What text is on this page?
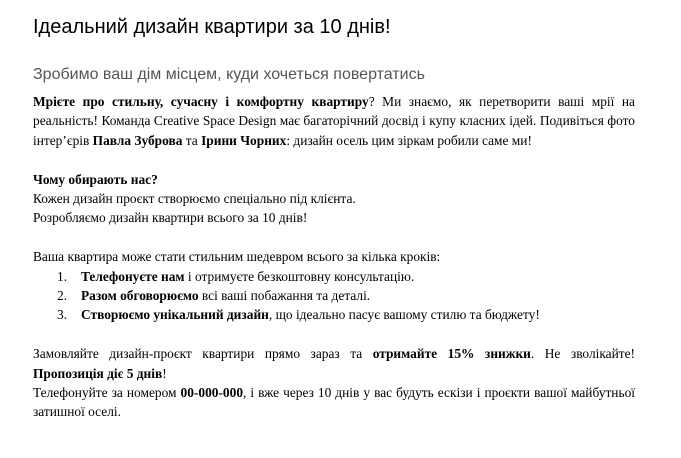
Ідеальний дизайн квартири за 10 днів!
Зробимо ваш дім місцем, куди хочеться повертатись

Мрієте про стильну, сучасну і комфортну квартиру? Ми знаємо, як перетворити ваші мрії на реальність! Команда Creative Space Design має багаторічний досвід і купу класних ідей. Подивіться фото інтер’єрів Павла Зуброва та Ірини Чорних: дизайн осель цим зіркам робили саме ми!

Чому обирають нас?

Кожен дизайн проєкт створюємо спеціально під клієнта.

Розробляємо дизайн квартири всього за 10 днів!

Ваша квартира може стати стильним шедевром всього за кілька кроків:

1. Телефонуєте нам і отримуєте безкоштовну консультацію.
2. Разом обговорюємо всі ваші побажання та деталі.
3. Створюємо унікальний дизайн, що ідеально пасує вашому стилю та бюджету!

Замовляйте дизайн-проєкт квартири прямо зараз та отримайте 15% знижки. Не зволікайте! Пропозиція діє 5 днів!

Телефонуйте за номером 00-000-000, і вже через 10 днів у вас будуть ескізи і проєкти вашої майбутньої затишної оселі.
